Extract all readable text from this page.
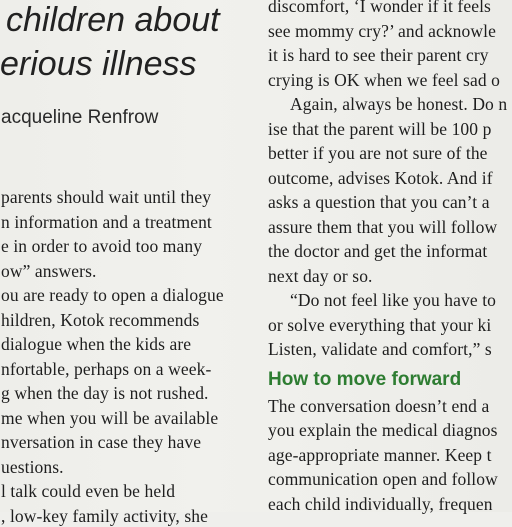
children about
erious illness
acqueline Renfrow
parents should wait until they
n information and a treatment
e in order to avoid too many
ow” answers.
ou are ready to open a dialogue
hildren, Kotok recommends
dialogue when the kids are
nfortable, perhaps on a week-
g when the day is not rushed.
me when you will be available
nversation in case they have
uestions.
l talk could even be held
, low-key family activity, she
discomfort, ‘I wonder if it feels
see mommy cry?’ and acknowle
it is hard to see their parent cry
crying is OK when we feel sad o
Again, always be honest. Do n
ise that the parent will be 100 p
better if you are not sure of the
outcome, advises Kotok. And if
asks a question that you can’t a
assure them that you will follow
the doctor and get the informat
next day or so.
“Do not feel like you have to
or solve everything that your ki
Listen, validate and comfort,” s
How to move forward
The conversation doesn’t end a
you explain the medical diagnos
age-appropriate manner. Keep t
communication open and follow
each child individually, frequen
